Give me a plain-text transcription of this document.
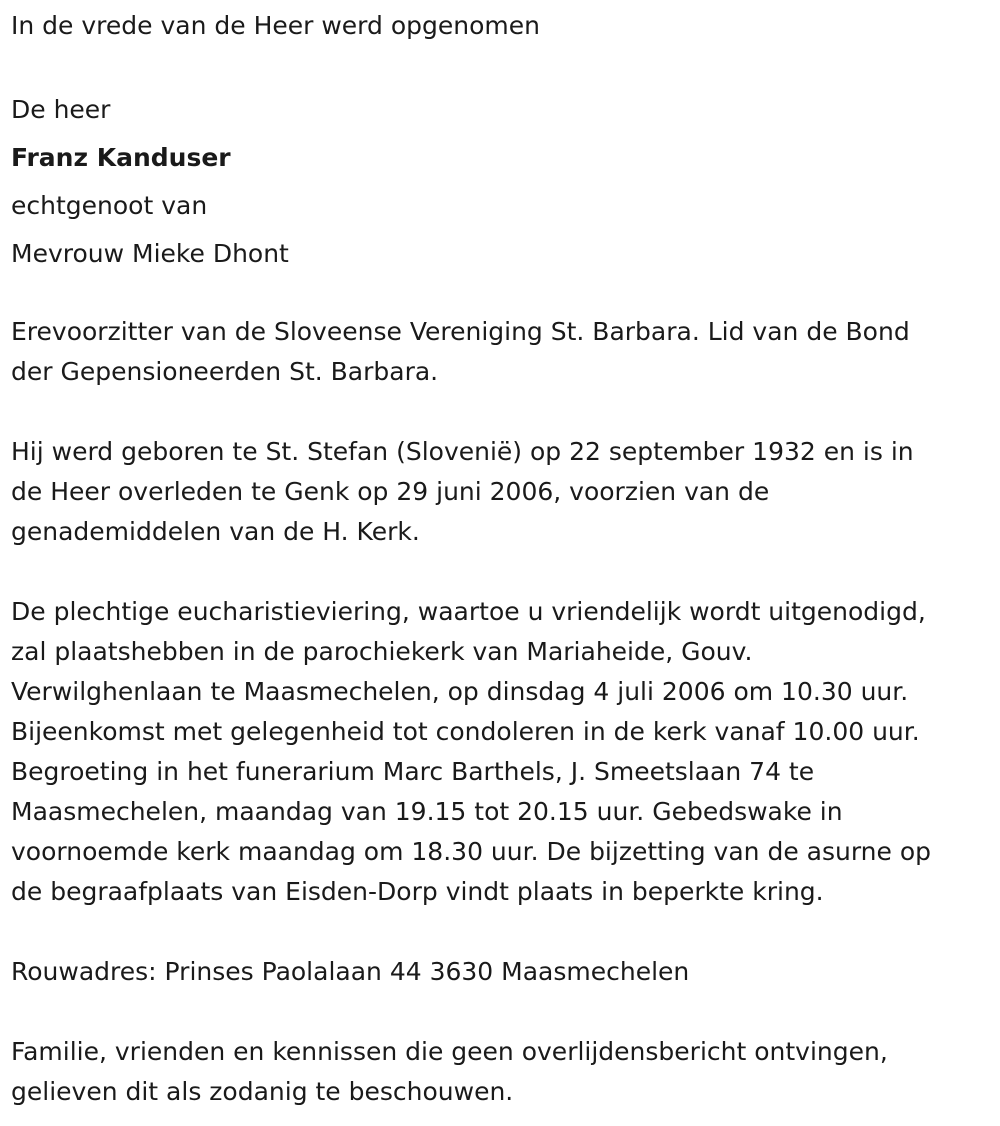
In de vrede van de Heer werd opgenomen
De heer
Franz Kanduser
echtgenoot van
Mevrouw Mieke Dhont
Erevoorzitter van de Sloveense Vereniging St. Barbara. Lid van de Bond
der Gepensioneerden St. Barbara.
Hij werd geboren te St. Stefan (Slovenië) op 22 september 1932 en is in
de Heer overleden te Genk op 29 juni 2006, voorzien van de
genademiddelen van de H. Kerk.
De plechtige eucharistieviering, waartoe u vriendelijk wordt uitgenodigd,
zal plaatshebben in de parochiekerk van Mariaheide, Gouv.
Verwilghenlaan te Maasmechelen, op dinsdag 4 juli 2006 om 10.30 uur.
Bijeenkomst met gelegenheid tot condoleren in de kerk vanaf 10.00 uur.
Begroeting in het funerarium Marc Barthels, J. Smeetslaan 74 te
Maasmechelen, maandag van 19.15 tot 20.15 uur. Gebedswake in
voornoemde kerk maandag om 18.30 uur. De bijzetting van de asurne op
de begraafplaats van Eisden-Dorp vindt plaats in beperkte kring.
Rouwadres: Prinses Paolalaan 44 3630 Maasmechelen
Familie, vrienden en kennissen die geen overlijdensbericht ontvingen,
gelieven dit als zodanig te beschouwen.
